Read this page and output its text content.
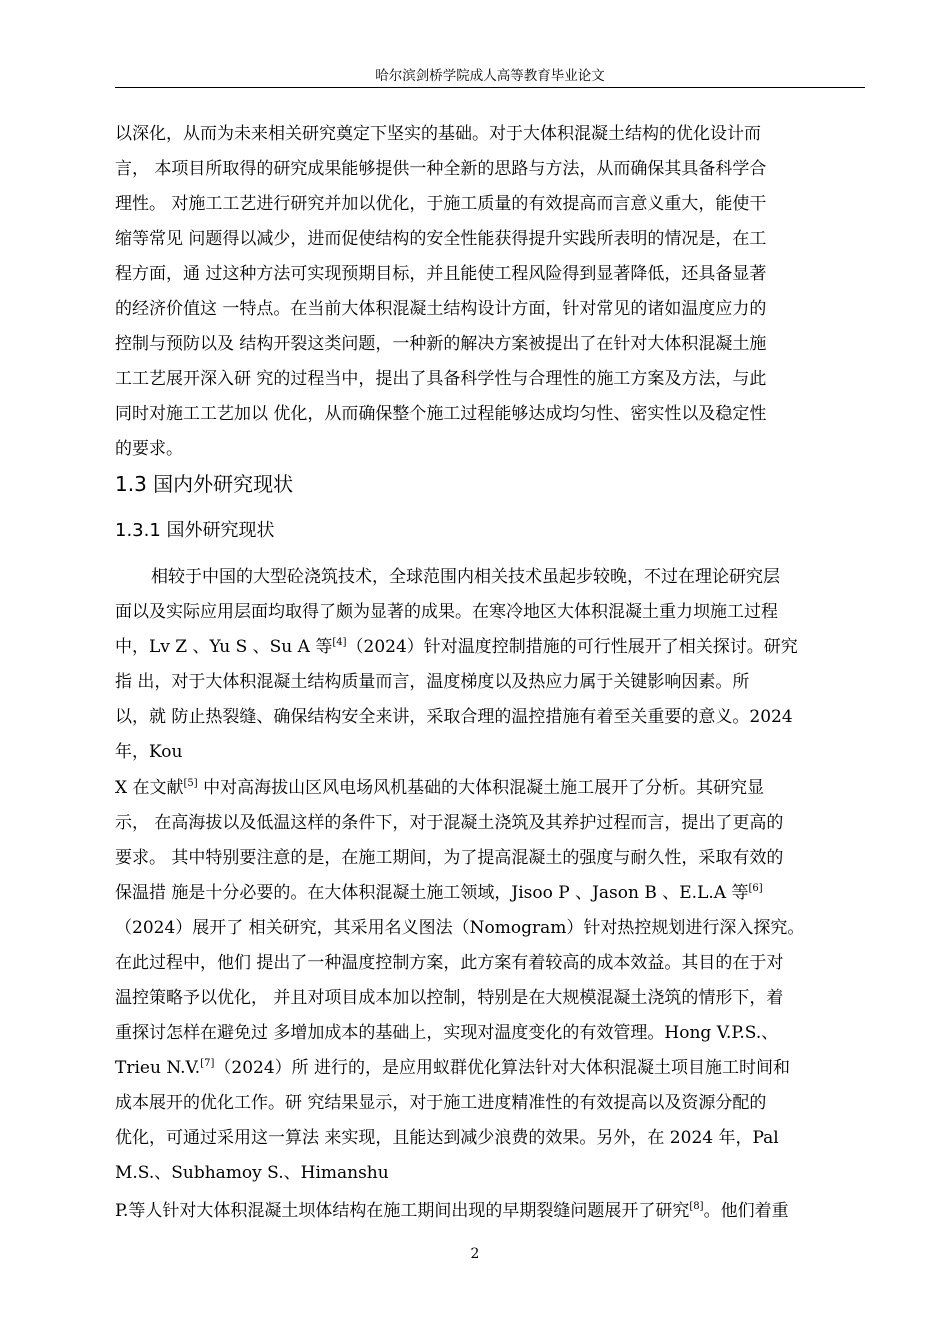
哈尔滨剑桥学院成人高等教育毕业论文
以深化，从而为未来相关研究奠定下坚实的基础。对于大体积混凝土结构的优化设计而
言， 本项目所取得的研究成果能够提供一种全新的思路与方法，从而确保其具备科学合
理性。 对施工工艺进行研究并加以优化，于施工质量的有效提高而言意义重大，能使干
缩等常见 问题得以减少，进而促使结构的安全性能获得提升实践所表明的情况是，在工
程方面，通 过这种方法可实现预期目标，并且能使工程风险得到显著降低，还具备显著
的经济价值这 一特点。在当前大体积混凝土结构设计方面，针对常见的诸如温度应力的
控制与预防以及 结构开裂这类问题，一种新的解决方案被提出了在针对大体积混凝土施
工工艺展开深入研 究的过程当中，提出了具备科学性与合理性的施工方案及方法，与此
同时对施工工艺加以 优化，从而确保整个施工过程能够达成均匀性、密实性以及稳定性
的要求。
1.3 国内外研究现状
1.3.1 国外研究现状
相较于中国的大型砼浇筑技术，全球范围内相关技术虽起步较晚，不过在理论研究层
面以及实际应用层面均取得了颇为显著的成果。在寒冷地区大体积混凝土重力坝施工过程
中，Lv Z 、Yu S 、Su A 等[4]（2024）针对温度控制措施的可行性展开了相关探讨。研究
指 出，对于大体积混凝土结构质量而言，温度梯度以及热应力属于关键影响因素。所
以，就 防止热裂缝、确保结构安全来讲，采取合理的温控措施有着至关重要的意义。2024
年，Kou
X 在文献[5] 中对高海拔山区风电场风机基础的大体积混凝土施工展开了分析。其研究显
示， 在高海拔以及低温这样的条件下，对于混凝土浇筑及其养护过程而言，提出了更高的
要求。 其中特别要注意的是，在施工期间，为了提高混凝土的强度与耐久性，采取有效的
保温措 施是十分必要的。在大体积混凝土施工领域，Jisoo P 、Jason B 、E.L.A 等[6]
（2024）展开了 相关研究，其采用名义图法（Nomogram）针对热控规划进行深入探究。
在此过程中，他们 提出了一种温度控制方案，此方案有着较高的成本效益。其目的在于对
温控策略予以优化， 并且对项目成本加以控制，特别是在大规模混凝土浇筑的情形下，着
重探讨怎样在避免过 多增加成本的基础上，实现对温度变化的有效管理。Hong V.P.S.、
Trieu N.V.[7]（2024）所 进行的，是应用蚁群优化算法针对大体积混凝土项目施工时间和
成本展开的优化工作。研 究结果显示，对于施工进度精准性的有效提高以及资源分配的
优化，可通过采用这一算法 来实现，且能达到减少浪费的效果。另外，在 2024 年，Pal
M.S.、Subhamoy S.、Himanshu
P.等人针对大体积混凝土坝体结构在施工期间出现的早期裂缝问题展开了研究[8]。他们着重
2
